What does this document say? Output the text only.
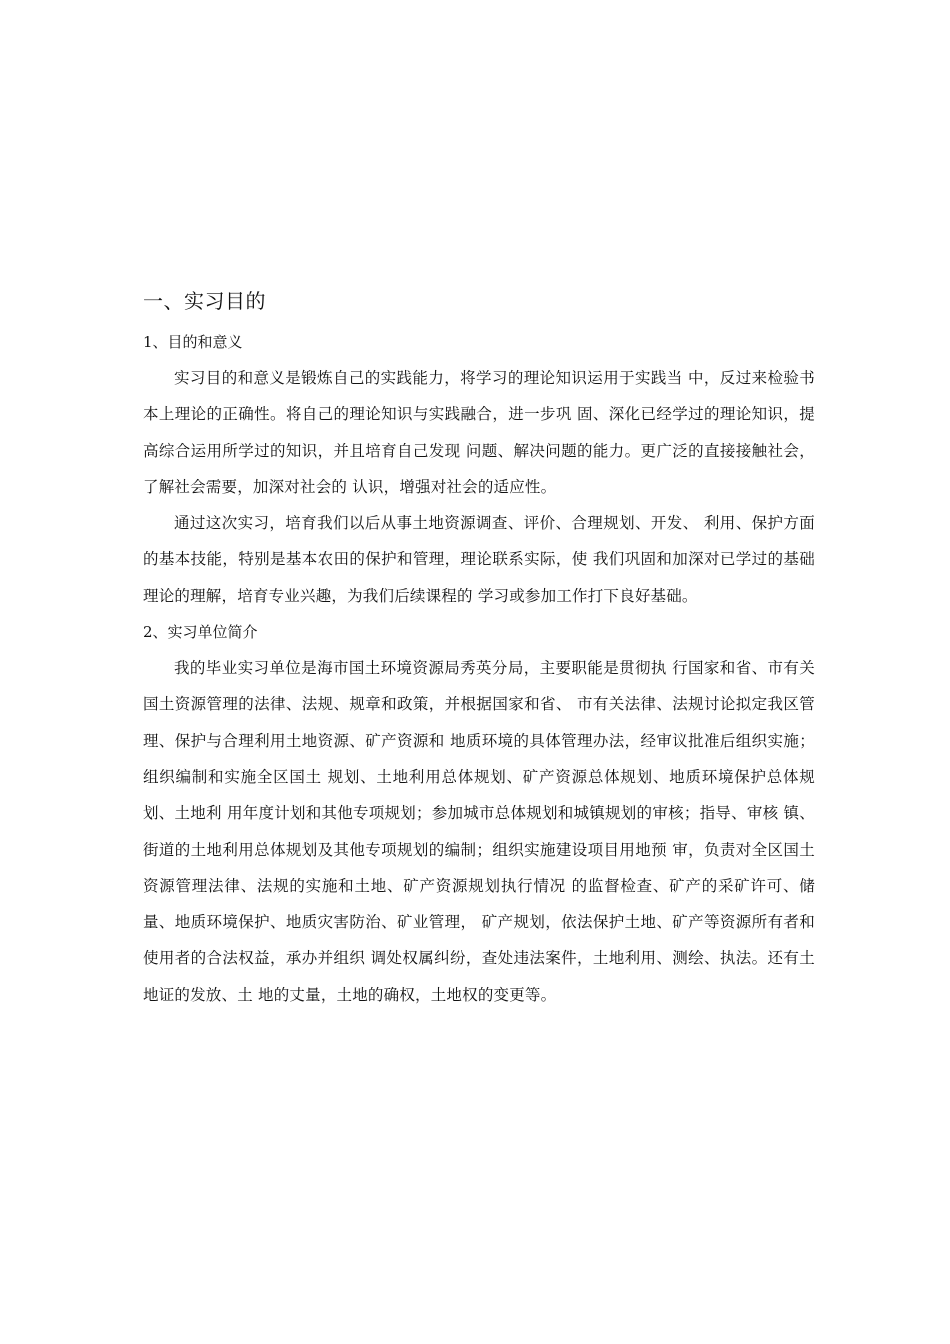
一、实习目的
1、目的和意义

实习目的和意义是锻炼自己的实践能力，将学习的理论知识运用于实践当 中，反过来检验书本上理论的正确性。将自己的理论知识与实践融合，进一步巩 固、深化已经学过的理论知识，提高综合运用所学过的知识，并且培育自己发现 问题、解决问题的能力。更广泛的直接接触社会，了解社会需要，加深对社会的 认识，增强对社会的适应性。

通过这次实习，培育我们以后从事土地资源调查、评价、合理规划、开发、 利用、保护方面的基本技能，特别是基本农田的保护和管理，理论联系实际，使 我们巩固和加深对已学过的基础理论的理解，培育专业兴趣，为我们后续课程的 学习或参加工作打下良好基础。

2、实习单位简介

我的毕业实习单位是海市国土环境资源局秀英分局，主要职能是贯彻执 行国家和省、市有关国土资源管理的法律、法规、规章和政策，并根据国家和省、 市有关法律、法规讨论拟定我区管理、保护与合理利用土地资源、矿产资源和 地质环境的具体管理办法，经审议批准后组织实施；组织编制和实施全区国土 规划、土地利用总体规划、矿产资源总体规划、地质环境保护总体规划、土地利 用年度计划和其他专项规划；参加城市总体规划和城镇规划的审核；指导、审核 镇、街道的土地利用总体规划及其他专项规划的编制；组织实施建设项目用地预 审，负责对全区国土资源管理法律、法规的实施和土地、矿产资源规划执行情况 的监督检查、矿产的采矿许可、储量、地质环境保护、地质灾害防治、矿业管理， 矿产规划，依法保护土地、矿产等资源所有者和使用者的合法权益，承办并组织 调处权属纠纷，查处违法案件，土地利用、测绘、执法。还有土地证的发放、土 地的丈量，土地的确权，土地权的变更等。
